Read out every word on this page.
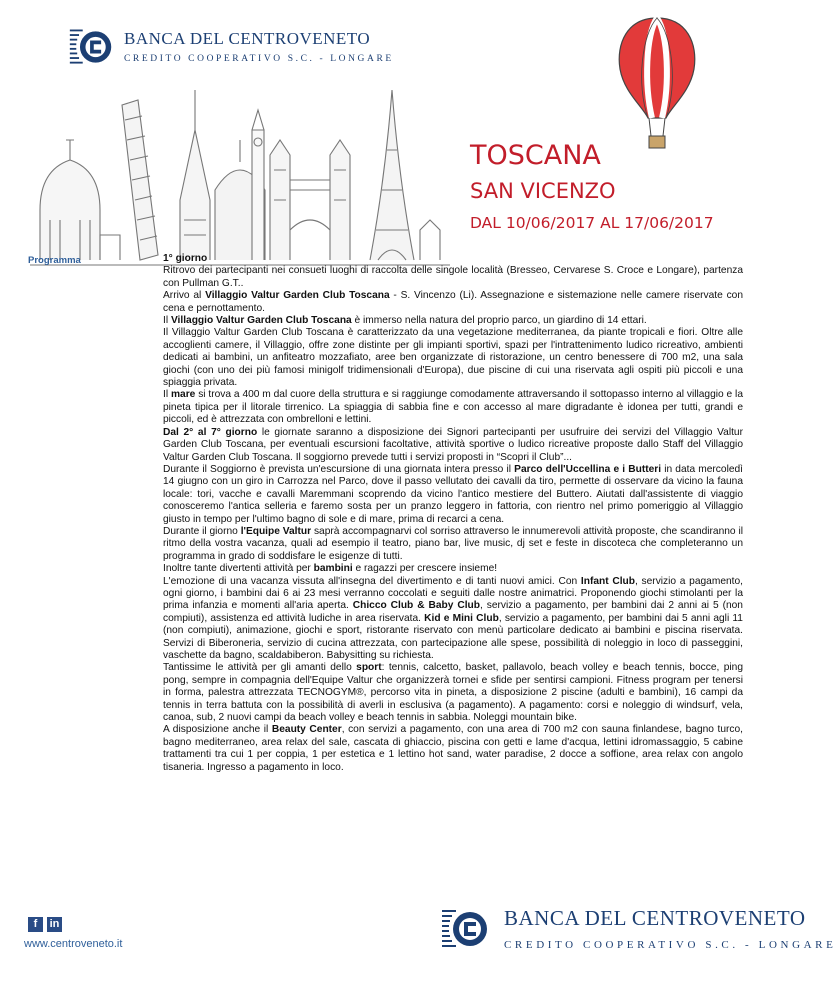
BANCA DEL CENTROVENETO
CREDITO COOPERATIVO S.C. - LONGARE
TOSCANA
SAN VICENZO
DAL 10/06/2017 AL 17/06/2017
Programma	1° giorno
Ritrovo dei partecipanti nei consueti luoghi di raccolta delle singole località (Bresseo, Cervarese S. Croce e Longare), partenza con Pullman G.T..
Arrivo al Villaggio Valtur Garden Club Toscana - S. Vincenzo (Li). Assegnazione e sistemazione nelle camere riservate con cena e pernottamento.
Il Villaggio Valtur Garden Club Toscana è immerso nella natura del proprio parco, un giardino di 14 ettari.
Il Villaggio Valtur Garden Club Toscana è caratterizzato da una vegetazione mediterranea, da piante tropicali e fiori. Oltre alle accoglienti camere, il Villaggio, offre zone distinte per gli impianti sportivi, spazi per l'intrattenimento ludico ricreativo, ambienti dedicati ai bambini, un anfiteatro mozzafiato, aree ben organizzate di ristorazione, un centro benessere di 700 m2, una sala giochi (con uno dei più famosi minigolf tridimensionali d'Europa), due piscine di cui una riservata agli ospiti più piccoli e una spiaggia privata.
Il mare si trova a 400 m dal cuore della struttura e si raggiunge comodamente attraversando il sottopasso interno al villaggio e la pineta tipica per il litorale tirrenico. La spiaggia di sabbia fine e con accesso al mare digradante è idonea per tutti, grandi e piccoli, ed è attrezzata con ombrelloni e lettini.
Dal 2° al 7° giorno le giornate saranno a disposizione dei Signori partecipanti per usufruire dei servizi del Villaggio Valtur Garden Club Toscana, per eventuali escursioni facoltative, attività sportive o ludico ricreative proposte dallo Staff del Villaggio Valtur Garden Club Toscana. Il soggiorno prevede tutti i servizi proposti in “Scopri il Club”...
Durante il Soggiorno è prevista un'escursione di una giornata intera presso il Parco dell'Uccellina e i Butteri in data mercoledì 14 giugno con un giro in Carrozza nel Parco, dove il passo vellutato dei cavalli da tiro, permette di osservare da vicino la fauna locale: tori, vacche e cavalli Maremmani scoprendo da vicino l'antico mestiere del Buttero. Aiutati dall'assistente di viaggio conosceremo l'antica selleria e faremo sosta per un pranzo leggero in fattoria, con rientro nel primo pomeriggio al Villaggio giusto in tempo per l'ultimo bagno di sole e di mare, prima di recarci a cena.
Durante il giorno l'Equipe Valtur saprà accompagnarvi col sorriso attraverso le innumerevoli attività proposte, che scandiranno il ritmo della vostra vacanza, quali ad esempio il teatro, piano bar, live music, dj set e feste in discoteca che completeranno un programma in grado di soddisfare le esigenze di tutti.
Inoltre tante divertenti attività per bambini e ragazzi per crescere insieme!
L'emozione di una vacanza vissuta all'insegna del divertimento e di tanti nuovi amici. Con Infant Club, servizio a pagamento, ogni giorno, i bambini dai 6 ai 23 mesi verranno coccolati e seguiti dalle nostre animatrici. Proponendo giochi stimolanti per la prima infanzia e momenti all'aria aperta. Chicco Club & Baby Club, servizio a pagamento, per bambini dai 2 anni ai 5 (non compiuti), assistenza ed attività ludiche in area riservata. Kid e Mini Club, servizio a pagamento, per bambini dai 5 anni agli 11 (non compiuti), animazione, giochi e sport, ristorante riservato con menù particolare dedicato ai bambini e piscina riservata. Servizi di Biberoneria, servizio di cucina attrezzata, con partecipazione alle spese, possibilità di noleggio in loco di passeggini, vaschette da bagno, scaldabiberon. Babysitting su richiesta.
Tantissime le attività per gli amanti dello sport: tennis, calcetto, basket, pallavolo, beach volley e beach tennis, bocce, ping pong, sempre in compagnia dell'Equipe Valtur che organizzerà tornei e sfide per sentirsi campioni. Fitness program per tenersi in forma, palestra attrezzata TECNOGYM®, percorso vita in pineta, a disposizione 2 piscine (adulti e bambini), 16 campi da tennis in terra battuta con la possibilità di averli in esclusiva (a pagamento). A pagamento: corsi e noleggio di windsurf, vela, canoa, sub, 2 nuovi campi da beach volley e beach tennis in sabbia. Noleggi mountain bike.
A disposizione anche il Beauty Center, con servizi a pagamento, con una area di 700 m2 con sauna finlandese, bagno turco, bagno mediterraneo, area relax del sale, cascata di ghiaccio, piscina con getti e lame d'acqua, lettini idromassaggio, 5 cabine trattamenti tra cui 1 per coppia, 1 per estetica e 1 lettino hot sand, water paradise, 2 docce a soffione, area relax con angolo tisaneria. Ingresso a pagamento in loco.
f	in
www.centroveneto.it
BANCA DEL CENTROVENETO
CREDITO COOPERATIVO S.C. - LONGARE
